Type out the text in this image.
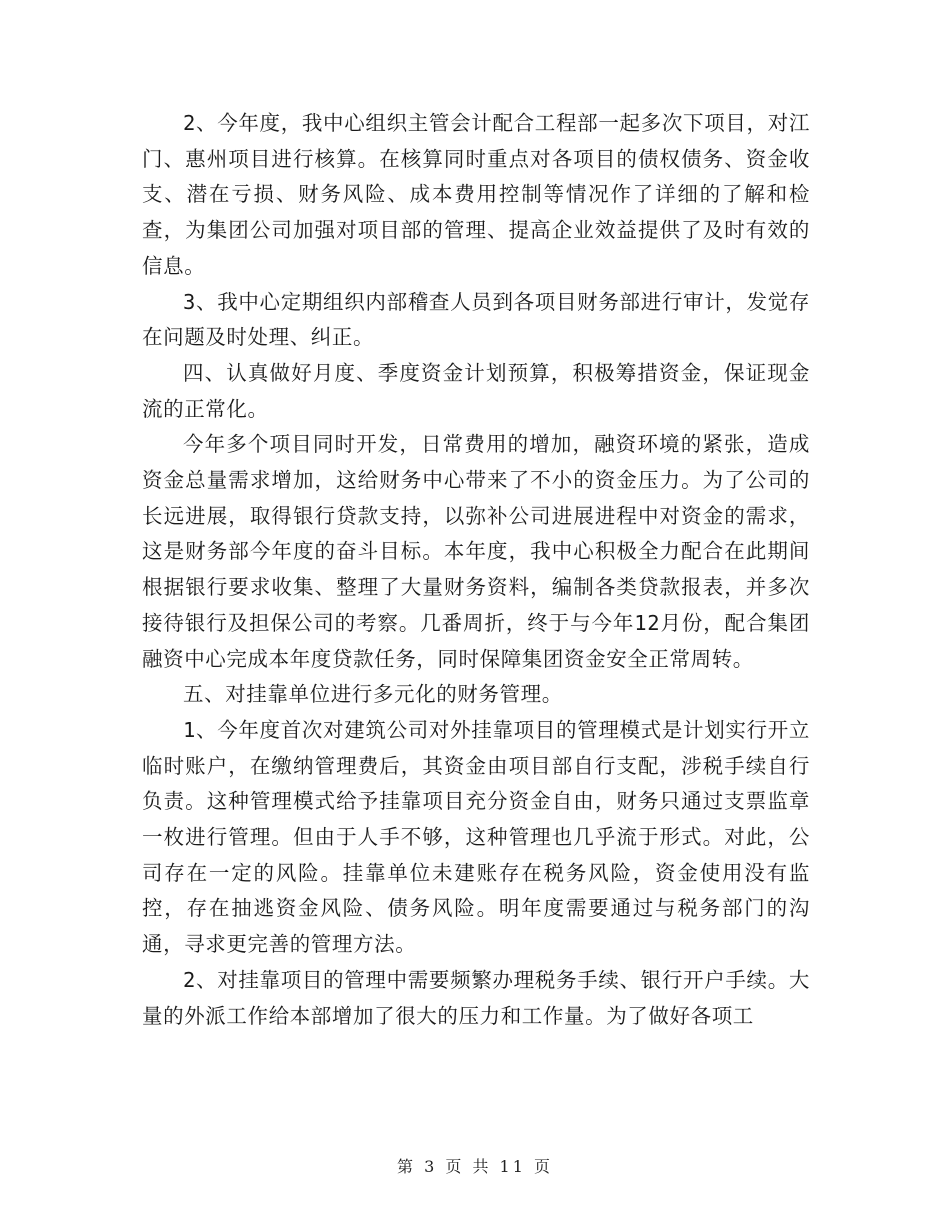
2、今年度，我中心组织主管会计配合工程部一起多次下项目，对江门、惠州项目进行核算。在核算同时重点对各项目的债权债务、资金收支、潜在亏损、财务风险、成本费用控制等情况作了详细的了解和检查，为集团公司加强对项目部的管理、提高企业效益提供了及时有效的信息。

3、我中心定期组织内部稽查人员到各项目财务部进行审计，发觉存在问题及时处理、纠正。

四、认真做好月度、季度资金计划预算，积极筹措资金，保证现金流的正常化。

今年多个项目同时开发，日常费用的增加，融资环境的紧张，造成资金总量需求增加，这给财务中心带来了不小的资金压力。为了公司的长远进展，取得银行贷款支持，以弥补公司进展进程中对资金的需求，这是财务部今年度的奋斗目标。本年度，我中心积极全力配合在此期间根据银行要求收集、整理了大量财务资料，编制各类贷款报表，并多次接待银行及担保公司的考察。几番周折，终于与今年12月份，配合集团融资中心完成本年度贷款任务，同时保障集团资金安全正常周转。

五、对挂靠单位进行多元化的财务管理。

1、今年度首次对建筑公司对外挂靠项目的管理模式是计划实行开立临时账户，在缴纳管理费后，其资金由项目部自行支配，涉税手续自行负责。这种管理模式给予挂靠项目充分资金自由，财务只通过支票监章一枚进行管理。但由于人手不够，这种管理也几乎流于形式。对此，公司存在一定的风险。挂靠单位未建账存在税务风险，资金使用没有监控，存在抽逃资金风险、债务风险。明年度需要通过与税务部门的沟通，寻求更完善的管理方法。

2、对挂靠项目的管理中需要频繁办理税务手续、银行开户手续。大量的外派工作给本部增加了很大的压力和工作量。为了做好各项工

第 3 页 共 11 页
